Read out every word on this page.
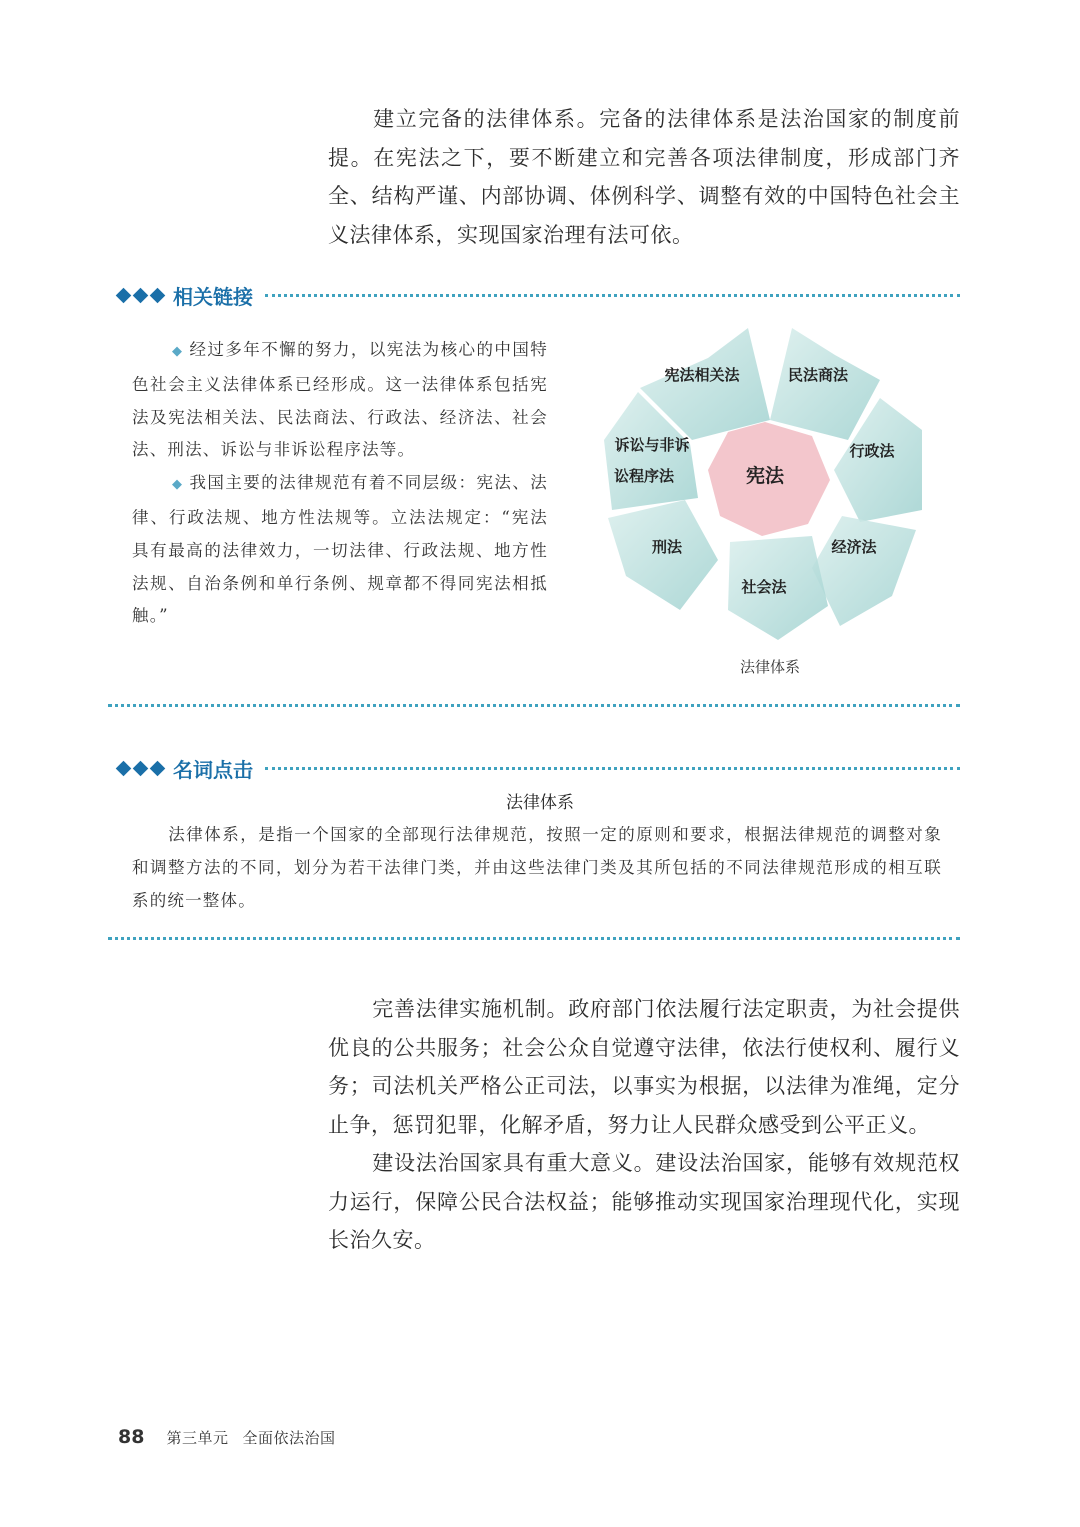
建立完备的法律体系。完备的法律体系是法治国家的制度前提。在宪法之下，要不断建立和完善各项法律制度，形成部门齐全、结构严谨、内部协调、体例科学、调整有效的中国特色社会主义法律体系，实现国家治理有法可依。

相关链接

◆ 经过多年不懈的努力，以宪法为核心的中国特色社会主义法律体系已经形成。这一法律体系包括宪法及宪法相关法、民法商法、行政法、经济法、社会法、刑法、诉讼与非诉讼程序法等。

◆ 我国主要的法律规范有着不同层级：宪法、法律、行政法规、地方性法规等。立法法规定：“宪法具有最高的法律效力，一切法律、行政法规、地方性法规、自治条例和单行条例、规章都不得同宪法相抵触。”

宪法相关法	民法商法
行政法
经济法
社会法
刑法
诉讼与非诉
讼程序法	宪法
法律体系
名词点击
法律体系

法律体系，是指一个国家的全部现行法律规范，按照一定的原则和要求，根据法律规范的调整对象和调整方法的不同，划分为若干法律门类，并由这些法律门类及其所包括的不同法律规范形成的相互联系的统一整体。

完善法律实施机制。政府部门依法履行法定职责，为社会提供优良的公共服务；社会公众自觉遵守法律，依法行使权利、履行义务；司法机关严格公正司法，以事实为根据，以法律为准绳，定分止争，惩罚犯罪，化解矛盾，努力让人民群众感受到公平正义。

建设法治国家具有重大意义。建设法治国家，能够有效规范权力运行，保障公民合法权益；能够推动实现国家治理现代化，实现长治久安。

88 第三单元 全面依法治国
